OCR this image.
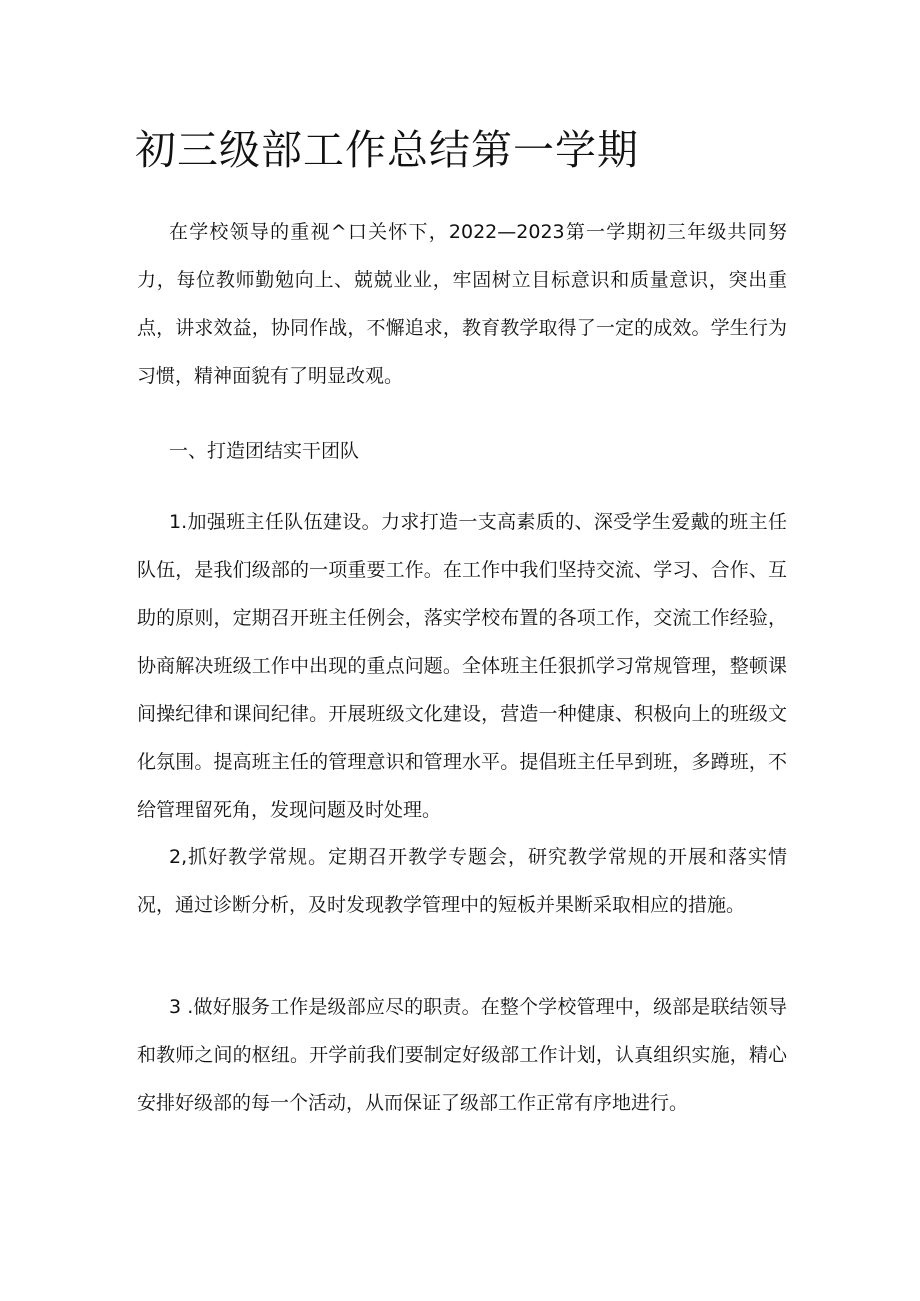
初三级部工作总结第一学期

在学校领导的重视^口关怀下，2022—2023第一学期初三年级共同努力，每位教师勤勉向上、兢兢业业，牢固树立目标意识和质量意识，突出重点，讲求效益，协同作战，不懈追求，教育教学取得了一定的成效。学生行为习惯，精神面貌有了明显改观。

一、打造团结实干团队

1.加强班主任队伍建设。力求打造一支高素质的、深受学生爱戴的班主任队伍，是我们级部的一项重要工作。在工作中我们坚持交流、学习、合作、互助的原则，定期召开班主任例会，落实学校布置的各项工作，交流工作经验，协商解决班级工作中出现的重点问题。全体班主任狠抓学习常规管理，整顿课间操纪律和课间纪律。开展班级文化建设，营造一种健康、积极向上的班级文化氛围。提高班主任的管理意识和管理水平。提倡班主任早到班，多蹲班，不给管理留死角，发现问题及时处理。

2,抓好教学常规。定期召开教学专题会，研究教学常规的开展和落实情况，通过诊断分析，及时发现教学管理中的短板并果断采取相应的措施。

3 .做好服务工作是级部应尽的职责。在整个学校管理中，级部是联结领导和教师之间的枢纽。开学前我们要制定好级部工作计划，认真组织实施，精心安排好级部的每一个活动，从而保证了级部工作正常有序地进行。
